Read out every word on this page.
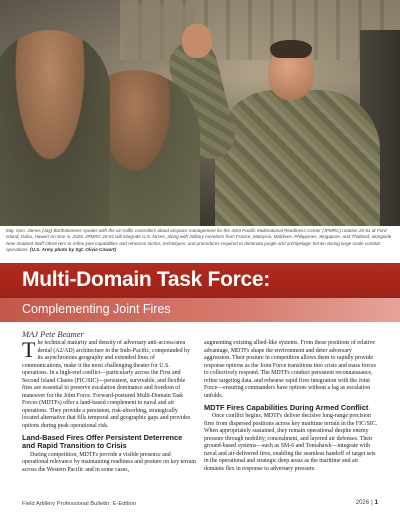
Maj. Gen. James (Jay) Bartholomees speaks with the air traffic controllers about airspace management for the Joint Pacific Multinational Readiness Center (JPMRC) rotation 26-01 at Ford Island, Oahu, Hawai'i on Nov. 6, 2025. JPMRC 26-01 will integrate U.S. forces, along with military members from France, Malaysia, Maldives, Philippines, Singapore, and Thailand, alongside New Zealand Staff Observers to refine joint capabilities and rehearse tactics, techniques, and procedures required to dominate jungle and archipelagic terrain during large-scale combat operations. (U.S. Army photo by Sgt. Olivia Cowart)
Multi-Domain Task Force:
Complementing Joint Fires
MAJ Pete Beamer

The technical maturity and density of adversary anti-access/area denial (A2/AD) architecture in the Indo-Pacific, compounded by its asynchronous geography and extended lines of communications, make it the most challenging theater for U.S. operations. In a high-end conflict—particularly across the First and Second Island Chains (FIC/SIC)—persistent, survivable, and flexible fires are essential to preserve escalation dominance and freedom of maneuver for the Joint Force. Forward-postured Multi-Domain Task Forces (MDTFs) offer a land-based complement to naval and air operations. They provide a persistent, risk-absorbing, strategically located alternative that fills temporal and geographic gaps and provides options during peak operational risk.

Land-Based Fires Offer Persistent Deterrence and Rapid Transition to Crisis

During competition, MDTFs provide a visible presence and operational relevance by maintaining readiness and posture on key terrain across the Western Pacific and in some cases,

augmenting existing allied-like systems. From these positions of relative advantage, MDTFs shape the environment and deter adversary aggression. Their posture in competition allows them to rapidly provide response options as the Joint Force transitions into crisis and mass forces to collectively respond. The MDTFs conduct persistent reconnaissance, refine targeting data, and rehearse rapid fires integration with the Joint Force—ensuring commanders have options without a lag as escalation unfolds.

MDTF Fires Capabilities During Armed Conflict

Once conflict begins, MDTFs deliver decisive long-range precision fires from dispersed positions across key maritime terrain in the FIC/SIC. When appropriately sustained, they remain operational despite enemy pressure through mobility, concealment, and layered air defenses. Their ground-based systems—such as SM-6 and Tomahawk—integrate with naval and air-delivered fires, enabling the seamless handoff of target sets in the operational and strategic deep areas as the maritime and air domains flex in response to adversary pressure.

Field Artillery Professional Bulletin: E-Edition	2026 | 1
